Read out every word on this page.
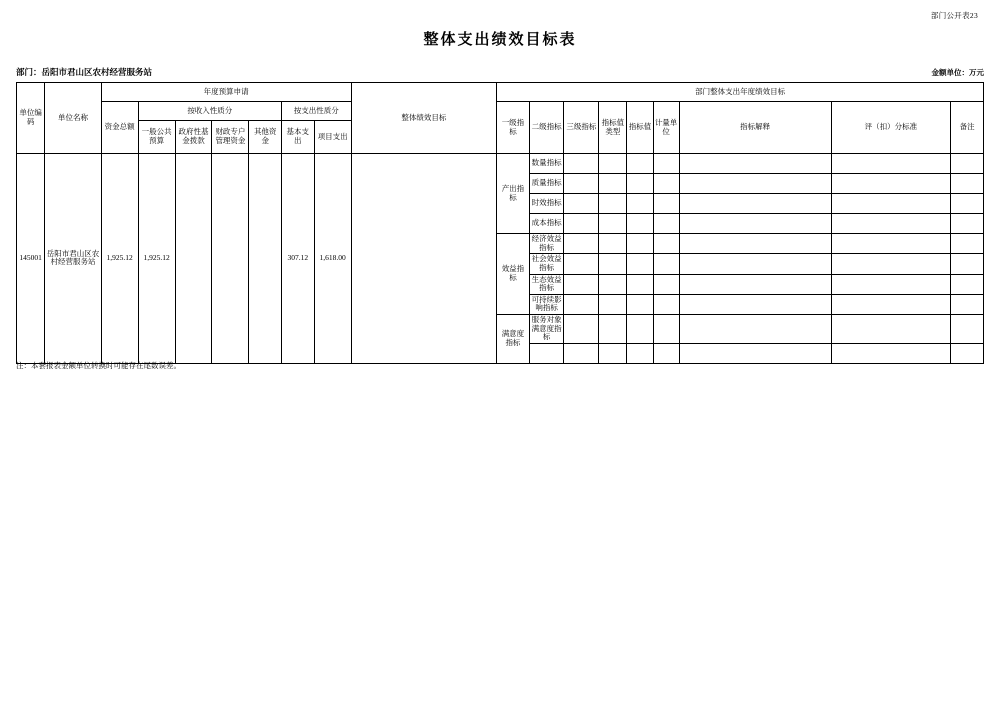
部门公开表23
整体支出绩效目标表
部门：岳阳市君山区农村经营服务站	金额单位：万元
单位编码	单位名称	年度预算申请							整体绩效目标	部门整体支出年度绩效目标								
		资金总额	按收入性质分				按支出性质分			一级指标	二级指标	三级指标	指标值类型	指标值	计量单位	指标解释	评（扣）分标准	备注
			一般公共预算	政府性基金拨款	财政专户管理资金	其他资金	基本支出	项目支出										

145001	岳阳市君山区农村经营服务站	1,925.12	1,925.12				307.12	1,618.00		产出指标	数量指标							
											质量指标							
											时效指标							
											成本指标							
										效益指标	经济效益指标							
											社会效益指标							
											生态效益指标							
											可持续影响指标							
										满意度指标	服务对象满意度指标							

注：本套报表金额单位转换时可能存在尾数误差。
